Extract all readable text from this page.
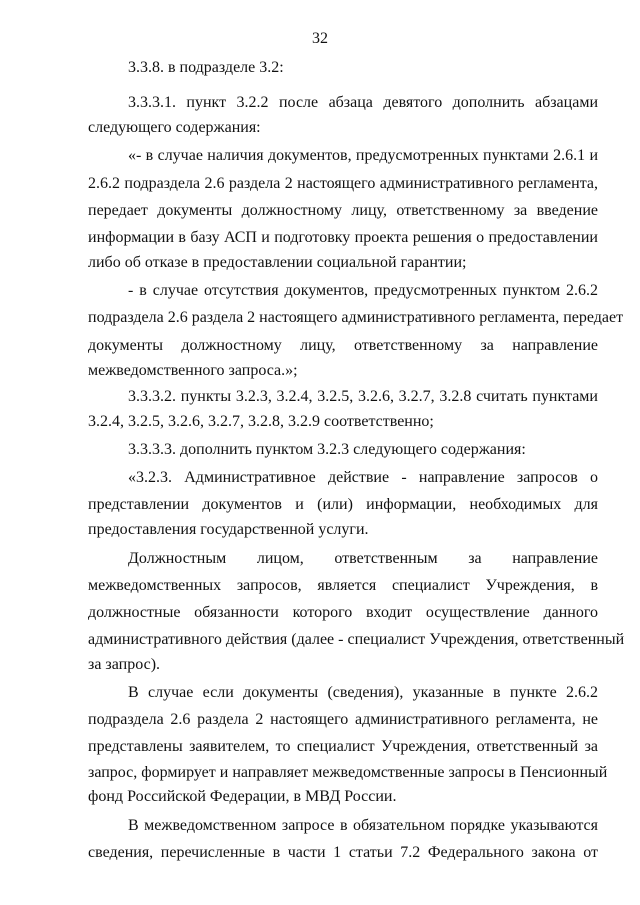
32
3.3.8. в подразделе 3.2:
3.3.3.1. пункт 3.2.2 после абзаца девятого дополнить абзацами
следующего содержания:
«- в случае наличия документов, предусмотренных пунктами 2.6.1 и
2.6.2 подраздела 2.6 раздела 2 настоящего административного регламента,
передает документы должностному лицу, ответственному за введение
информации в базу АСП и подготовку проекта решения о предоставлении
либо об отказе в предоставлении социальной гарантии;
- в случае отсутствия документов, предусмотренных пунктом 2.6.2
подраздела 2.6 раздела 2 настоящего административного регламента, передает
документы должностному лицу, ответственному за направление
межведомственного запроса.»;
3.3.3.2. пункты 3.2.3, 3.2.4, 3.2.5, 3.2.6, 3.2.7, 3.2.8 считать пунктами
3.2.4, 3.2.5, 3.2.6, 3.2.7, 3.2.8, 3.2.9 соответственно;
3.3.3.3. дополнить пунктом 3.2.3 следующего содержания:
«3.2.3. Административное действие - направление запросов о
представлении документов и (или) информации, необходимых для
предоставления государственной услуги.
Должностным лицом, ответственным за направление
межведомственных запросов, является специалист Учреждения, в
должностные обязанности которого входит осуществление данного
административного действия (далее - специалист Учреждения, ответственный
за запрос).
В случае если документы (сведения), указанные в пункте 2.6.2
подраздела 2.6 раздела 2 настоящего административного регламента, не
представлены заявителем, то специалист Учреждения, ответственный за
запрос, формирует и направляет межведомственные запросы в Пенсионный
фонд Российской Федерации, в МВД России.
В межведомственном запросе в обязательном порядке указываются
сведения, перечисленные в части 1 статьи 7.2 Федерального закона от
